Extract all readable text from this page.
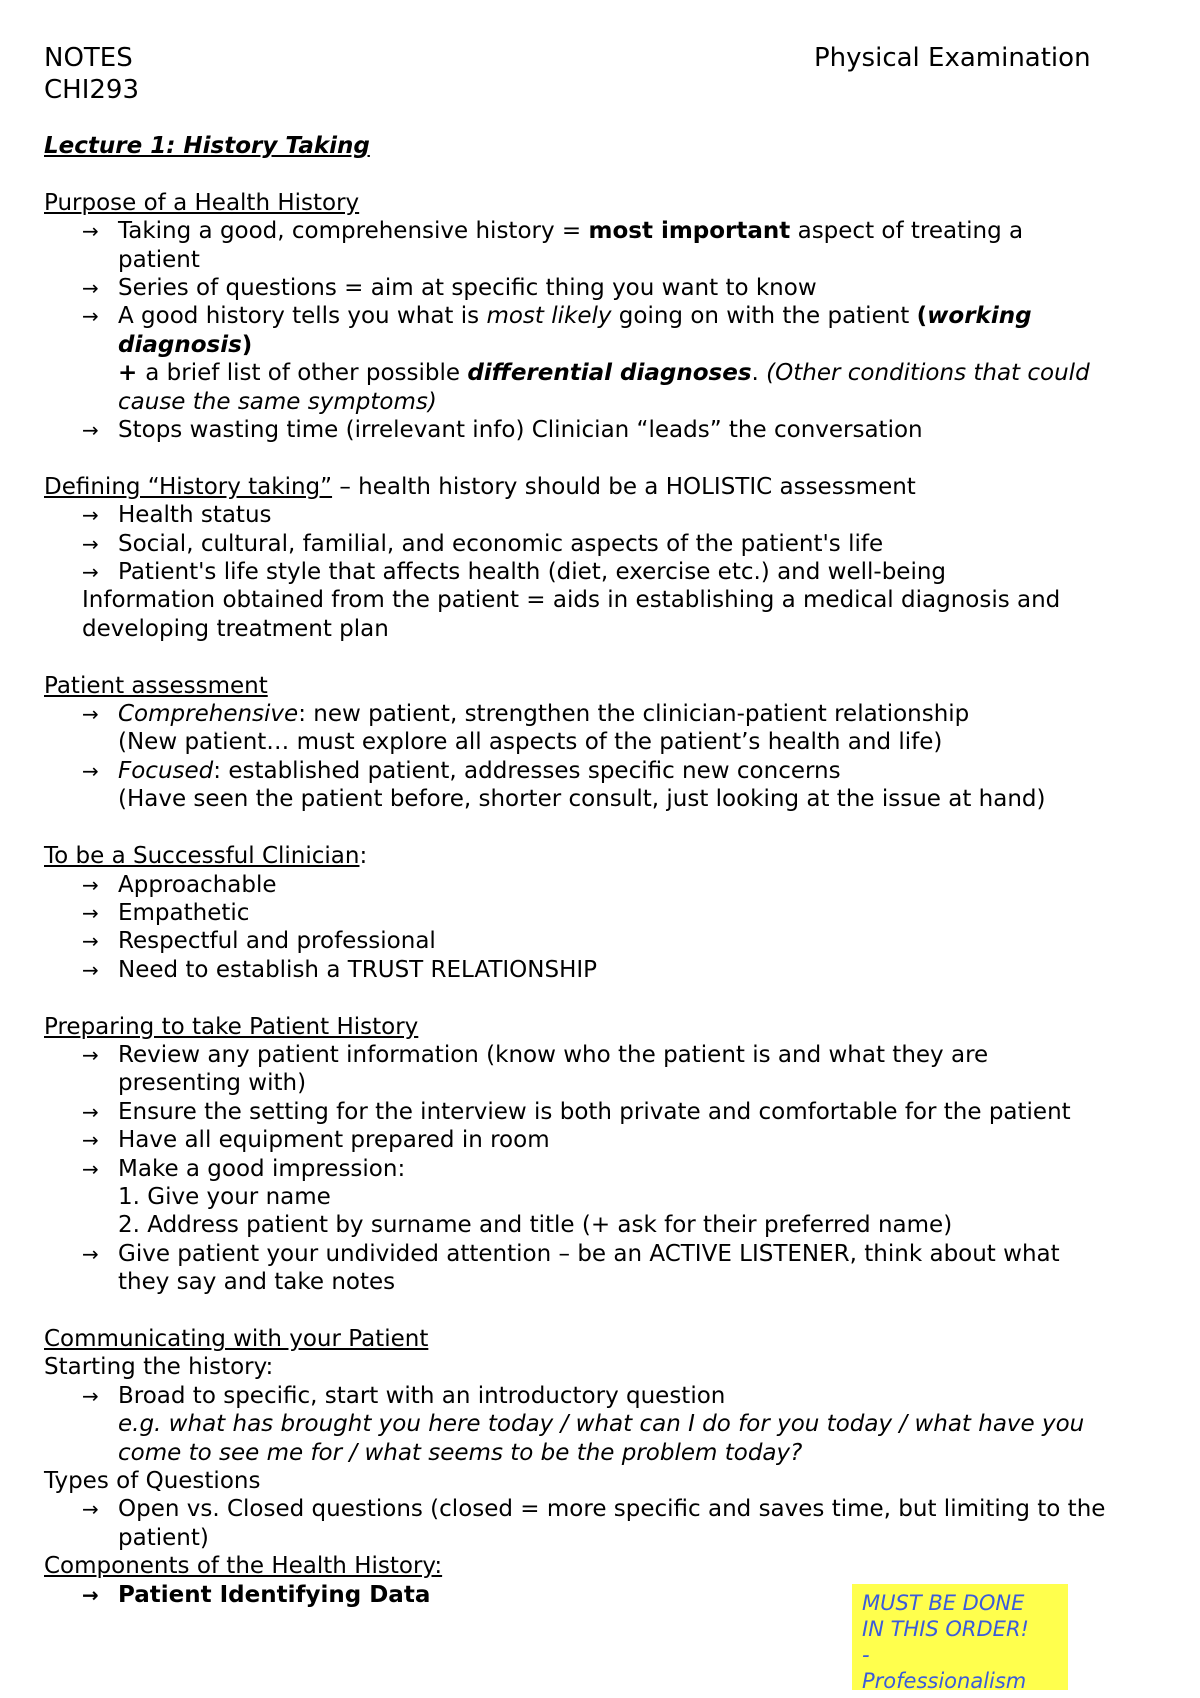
NOTES
CHI293
Physical Examination
Lecture 1: History Taking
Purpose of a Health History
→ Taking a good, comprehensive history = most important aspect of treating a
patient
→ Series of questions = aim at specific thing you want to know
→ A good history tells you what is most likely going on with the patient (working
diagnosis)
+ a brief list of other possible differential diagnoses. (Other conditions that could
cause the same symptoms)
→ Stops wasting time (irrelevant info) Clinician “leads” the conversation
Defining “History taking” – health history should be a HOLISTIC assessment
→ Health status
→ Social, cultural, familial, and economic aspects of the patient's life
→ Patient's life style that affects health (diet, exercise etc.) and well-being
Information obtained from the patient = aids in establishing a medical diagnosis and
developing treatment plan
Patient assessment
→ Comprehensive: new patient, strengthen the clinician-patient relationship
(New patient… must explore all aspects of the patient’s health and life)
→ Focused: established patient, addresses specific new concerns
(Have seen the patient before, shorter consult, just looking at the issue at hand)
To be a Successful Clinician:
→ Approachable
→ Empathetic
→ Respectful and professional
→ Need to establish a TRUST RELATIONSHIP
Preparing to take Patient History
→ Review any patient information (know who the patient is and what they are
presenting with)
→ Ensure the setting for the interview is both private and comfortable for the patient
→ Have all equipment prepared in room
→ Make a good impression:
1. Give your name
2. Address patient by surname and title (+ ask for their preferred name)
→ Give patient your undivided attention – be an ACTIVE LISTENER, think about what
they say and take notes
Communicating with your Patient
Starting the history:
→ Broad to specific, start with an introductory question
e.g. what has brought you here today / what can I do for you today / what have you
come to see me for / what seems to be the problem today?
Types of Questions
→ Open vs. Closed questions (closed = more specific and saves time, but limiting to the
patient)
Components of the Health History:
→ Patient Identifying Data	MUST BE DONE
IN THIS ORDER!
-
Professionalism
